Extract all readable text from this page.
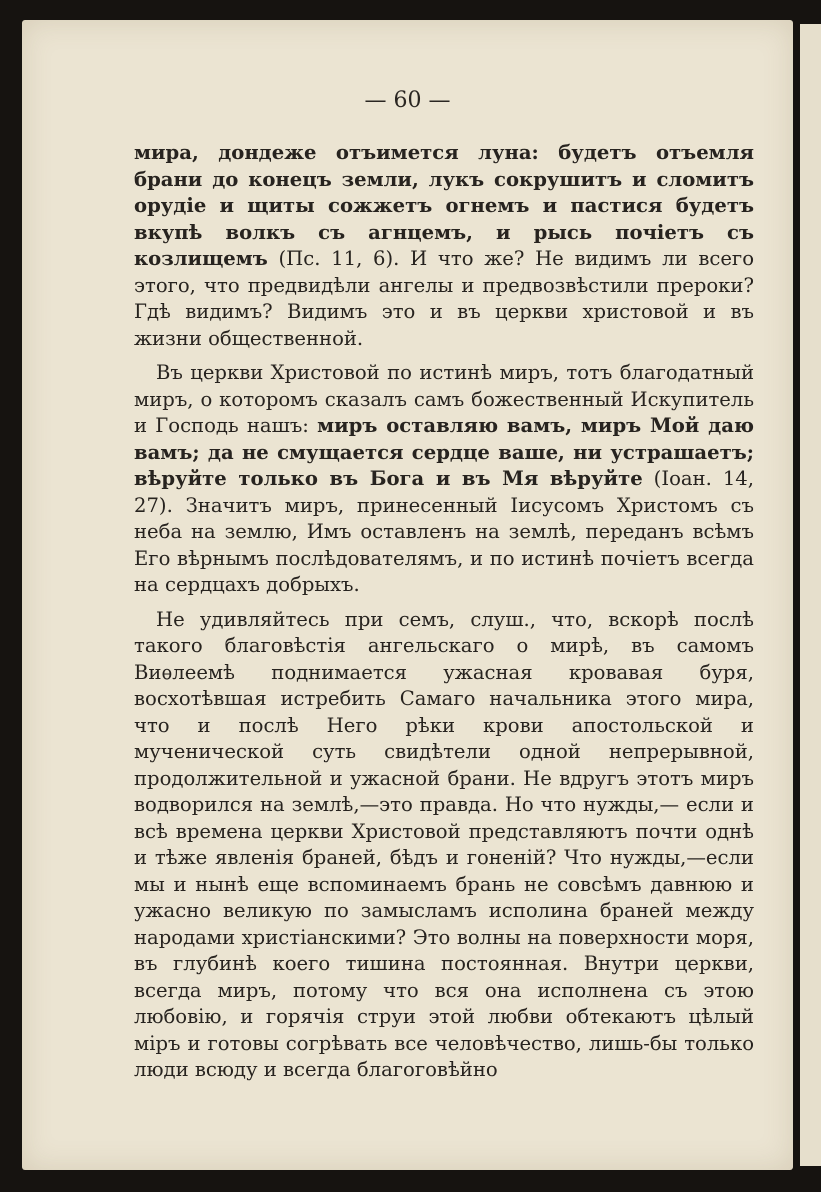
— 60 —

мира, дондеже отъимется луна: будетъ отъемля брани до конецъ земли, лукъ сокрушитъ и сломитъ орудіе и щиты сожжетъ огнемъ и пастися будетъ вкупѣ волкъ съ агнцемъ, и рысь почіетъ съ козлищемъ (Пс. 11, 6). И что же? Не видимъ ли всего этого, что предвидѣли ангелы и предвозвѣстили прероки? Гдѣ видимъ? Видимъ это и въ церкви христовой и въ жизни общественной.

Въ церкви Христовой по истинѣ миръ, тотъ благодатный миръ, о которомъ сказалъ самъ божественный Искупитель и Господь нашъ: миръ оставляю вамъ, миръ Мой даю вамъ; да не смущается сердце ваше, ни устрашаетъ; вѣруйте только въ Бога и въ Мя вѣруйте (Іоан. 14, 27). Значитъ миръ, принесенный Іисусомъ Христомъ съ неба на землю, Имъ оставленъ на землѣ, переданъ всѣмъ Его вѣрнымъ послѣдователямъ, и по истинѣ почіетъ всегда на сердцахъ добрыхъ.

Не удивляйтесь при семъ, слуш., что, вскорѣ послѣ такого благовѣстія ангельскаго о мирѣ, въ самомъ Виѳлеемѣ поднимается ужасная кровавая буря, восхотѣвшая истребить Самаго начальника этого мира, что и послѣ Него рѣки крови апостольской и мученической суть свидѣтели одной непрерывной, продолжительной и ужасной брани. Не вдругъ этотъ миръ водворился на землѣ,—это правда. Но что нужды,— если и всѣ времена церкви Христовой представляютъ почти однѣ и тѣже явленія браней, бѣдъ и гоненій? Что нужды,—если мы и нынѣ еще вспоминаемъ брань не совсѣмъ давнюю и ужасно великую по замысламъ исполина браней между народами христіанскими? Это волны на поверхности моря, въ глубинѣ коего тишина постоянная. Внутри церкви, всегда миръ, потому что вся она исполнена съ этою любовію, и горячія струи этой любви обтекаютъ цѣлый міръ и готовы согрѣвать все человѣчество, лишь-бы только люди всюду и всегда благоговѣйно
